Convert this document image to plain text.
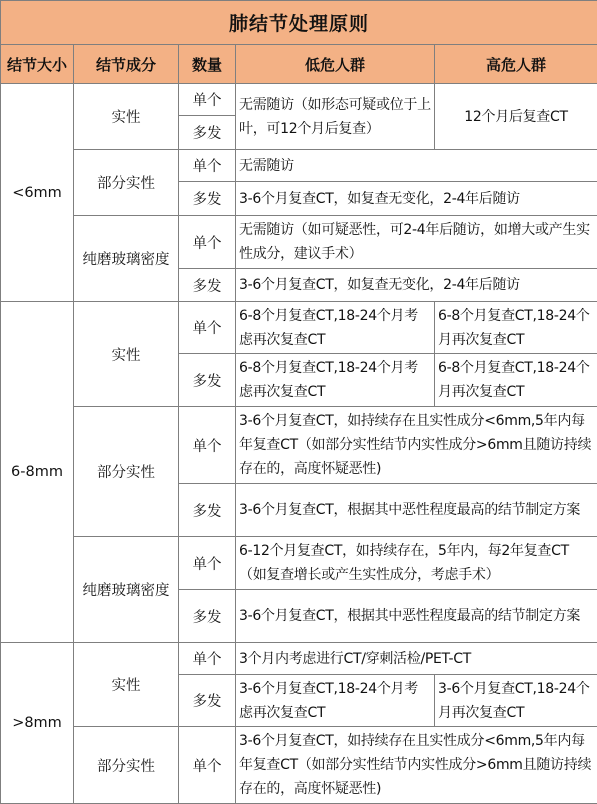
肺结节处理原则				
结节大小	结节成分	数量	低危人群	高危人群
<6mm	实性	单个	无需随访（如形态可疑或位于上叶，可12个月后复查）	12个月后复查CT
		多发		
	部分实性	单个	无需随访	
		多发	3-6个月复查CT，如复查无变化，2-4年后随访	
	纯磨玻璃密度	单个	无需随访（如可疑恶性，可2-4年后随访，如增大或产生实性成分，建议手术）	
		多发	3-6个月复查CT，如复查无变化，2-4年后随访	
6-8mm	实性	单个	6-8个月复查CT,18-24个月考虑再次复查CT	6-8个月复查CT,18-24个月再次复查CT
		多发	6-8个月复查CT,18-24个月考虑再次复查CT	6-8个月复查CT,18-24个月再次复查CT
	部分实性	单个	3-6个月复查CT，如持续存在且实性成分<6mm,5年内每年复查CT（如部分实性结节内实性成分>6mm且随访持续存在的，高度怀疑恶性)	
		多发	3-6个月复查CT，根据其中恶性程度最高的结节制定方案	
	纯磨玻璃密度	单个	6-12个月复查CT，如持续存在，5年内，每2年复查CT（如复查增长或产生实性成分，考虑手术）	
		多发	3-6个月复查CT，根据其中恶性程度最高的结节制定方案	
>8mm	实性	单个	3个月内考虑进行CT/穿刺活检/PET-CT	
		多发	3-6个月复查CT,18-24个月考虑再次复查CT	3-6个月复查CT,18-24个月再次复查CT
	部分实性	单个	3-6个月复查CT，如持续存在且实性成分<6mm,5年内每年复查CT（如部分实性结节内实性成分>6mm且随访持续存在的，高度怀疑恶性)	
